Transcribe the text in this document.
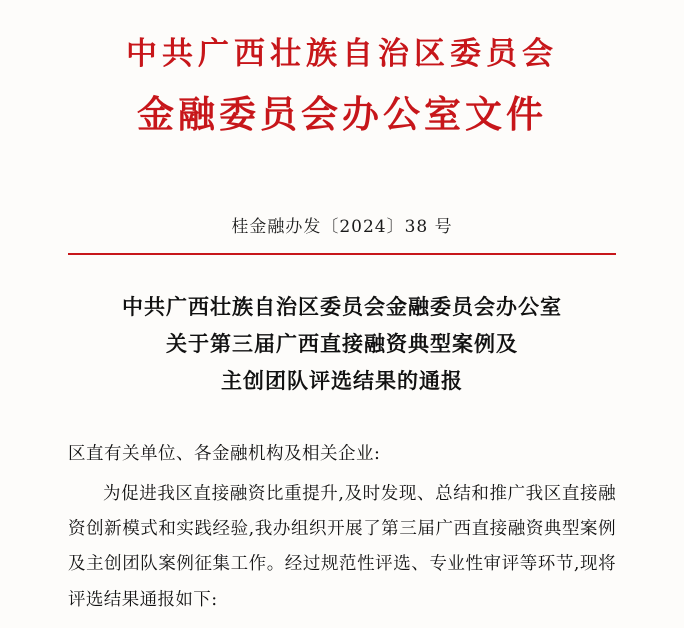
中共广西壮族自治区委员会
金融委员会办公室文件
桂金融办发〔2024〕38 号
中共广西壮族自治区委员会金融委员会办公室
关于第三届广西直接融资典型案例及
主创团队评选结果的通报
区直有关单位、各金融机构及相关企业:
为促进我区直接融资比重提升,及时发现、总结和推广我区直接融资创新模式和实践经验,我办组织开展了第三届广西直接融资典型案例及主创团队案例征集工作。经过规范性评选、专业性审评等环节,现将评选结果通报如下:
